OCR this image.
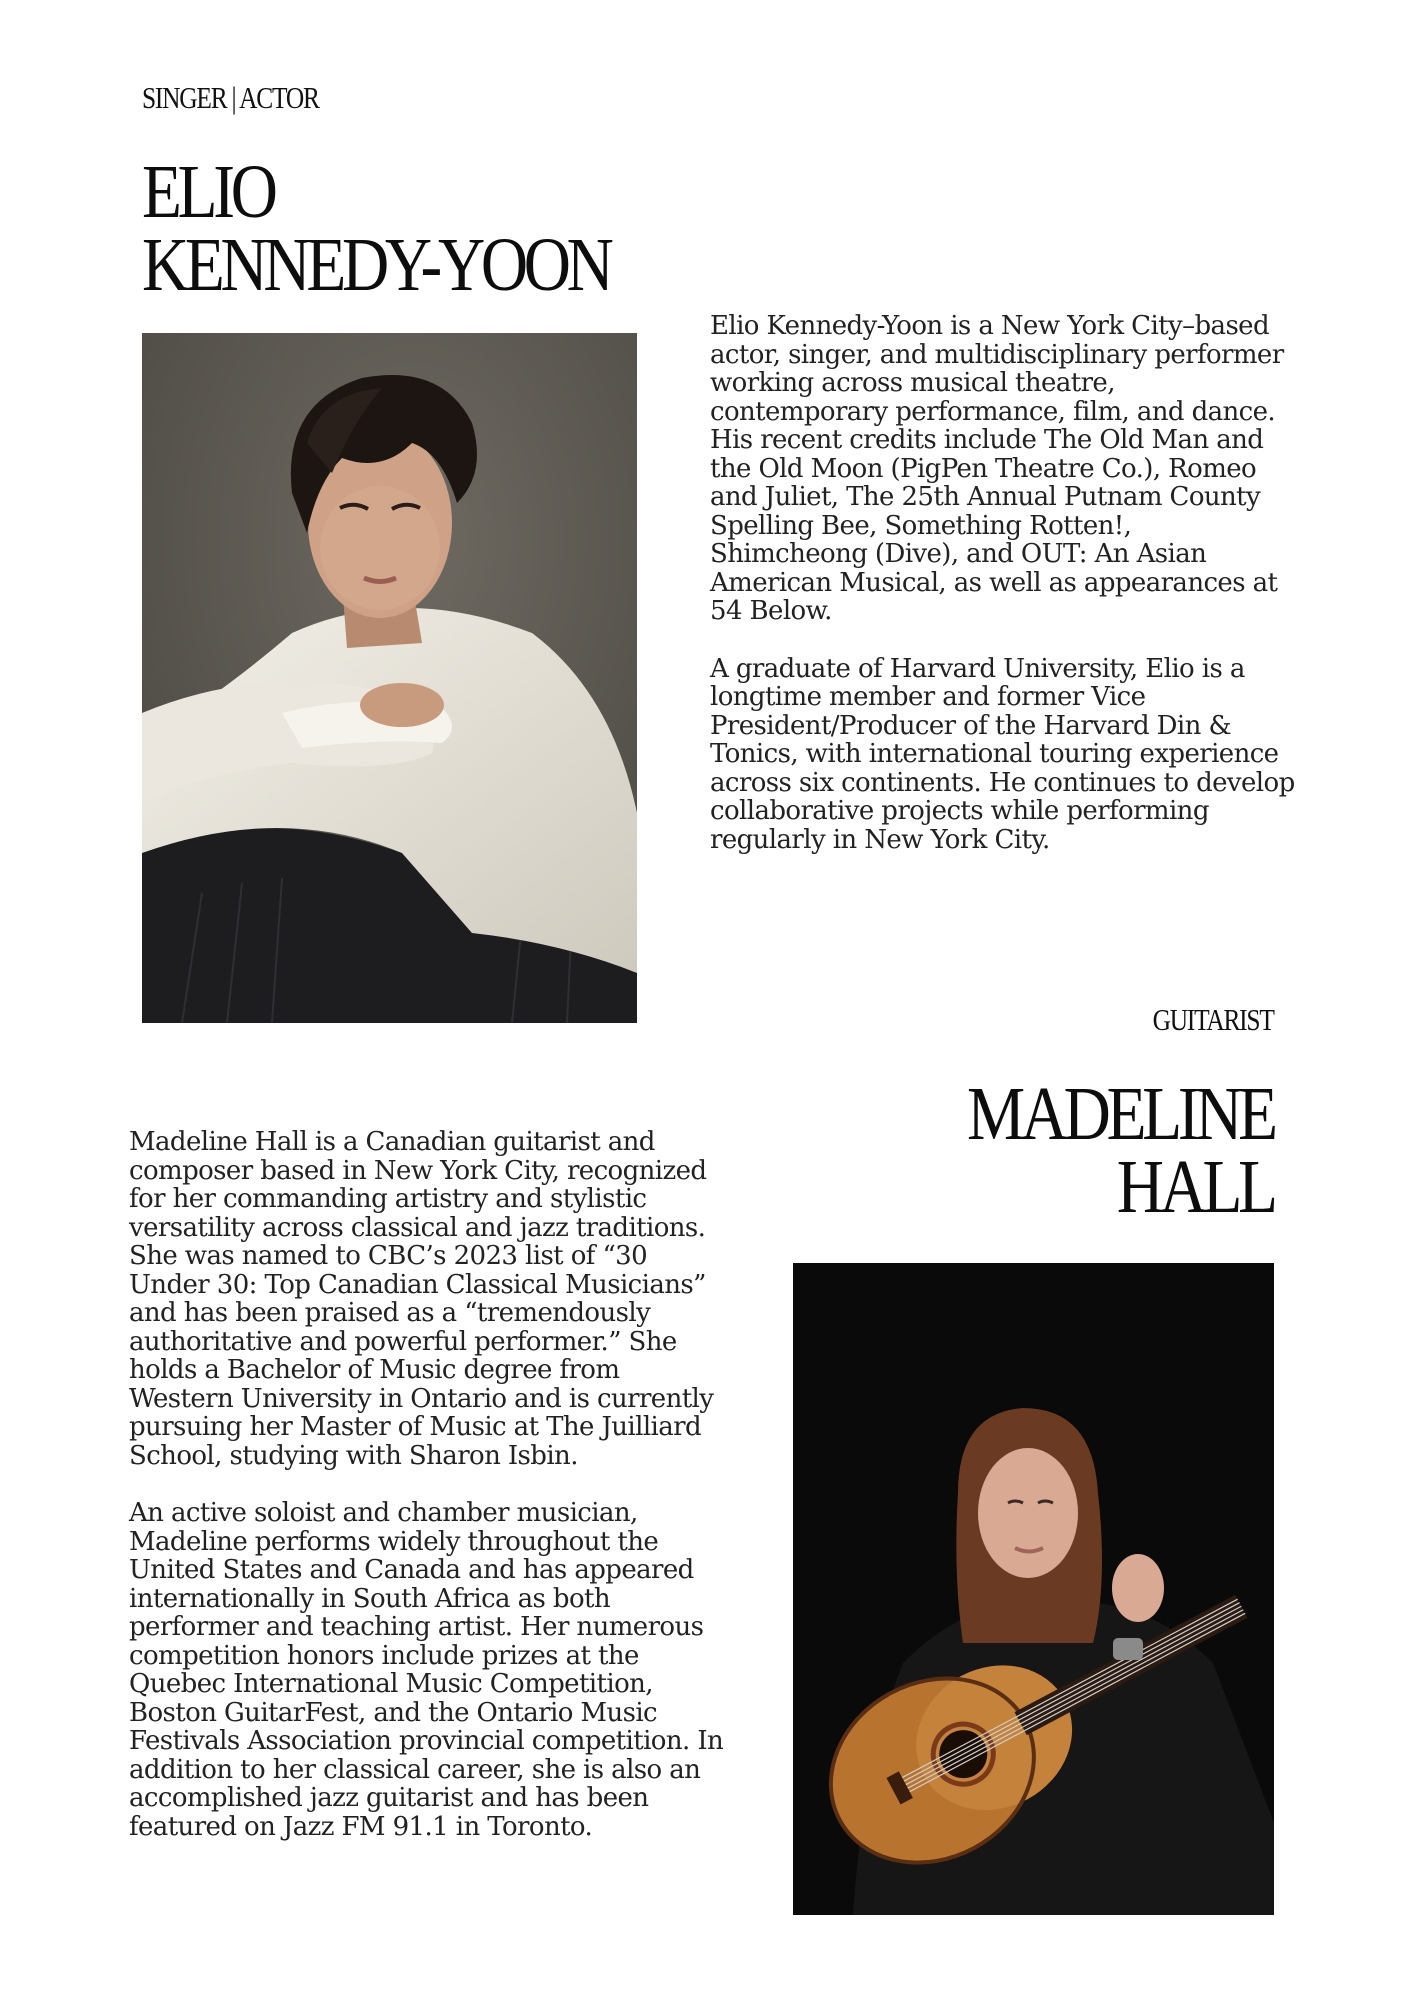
SINGER | ACTOR
ELIO
KENNEDY-YOON

Elio Kennedy-Yoon is a New York City–based actor, singer, and multidisciplinary performer working across musical theatre, contemporary performance, film, and dance. His recent credits include The Old Man and the Old Moon (PigPen Theatre Co.), Romeo and Juliet, The 25th Annual Putnam County Spelling Bee, Something Rotten!, Shimcheong (Dive), and OUT: An Asian American Musical, as well as appearances at 54 Below.

A graduate of Harvard University, Elio is a longtime member and former Vice President/Producer of the Harvard Din & Tonics, with international touring experience across six continents. He continues to develop collaborative projects while performing regularly in New York City.

GUITARIST
MADELINE
HALL

Madeline Hall is a Canadian guitarist and composer based in New York City, recognized for her commanding artistry and stylistic versatility across classical and jazz traditions. She was named to CBC’s 2023 list of “30 Under 30: Top Canadian Classical Musicians” and has been praised as a “tremendously authoritative and powerful performer.” She holds a Bachelor of Music degree from Western University in Ontario and is currently pursuing her Master of Music at The Juilliard School, studying with Sharon Isbin.

An active soloist and chamber musician, Madeline performs widely throughout the United States and Canada and has appeared internationally in South Africa as both performer and teaching artist. Her numerous competition honors include prizes at the Quebec International Music Competition, Boston GuitarFest, and the Ontario Music Festivals Association provincial competition. In addition to her classical career, she is also an accomplished jazz guitarist and has been featured on Jazz FM 91.1 in Toronto.
